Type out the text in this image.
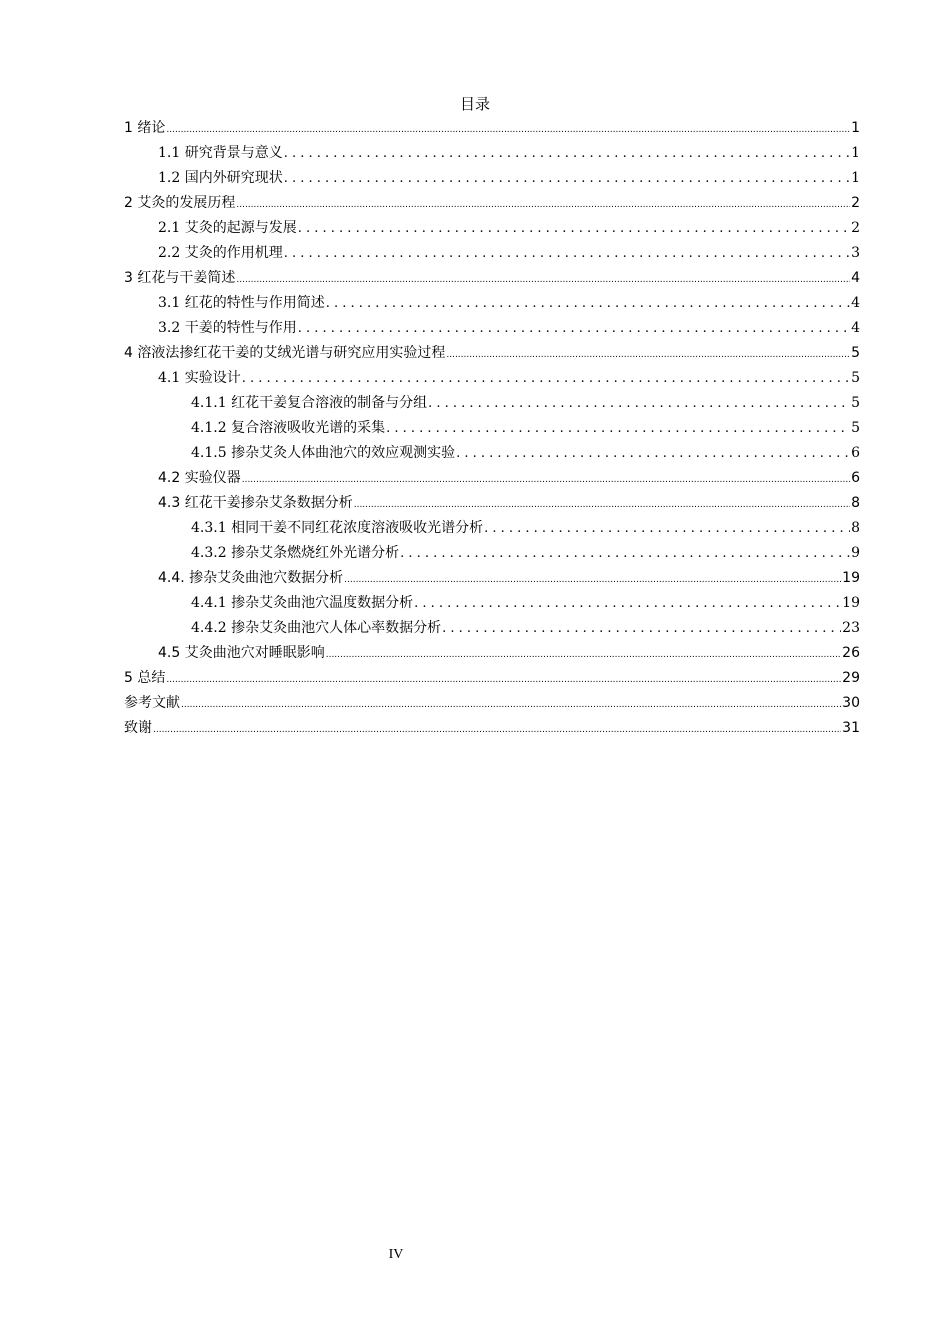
目录
1 绪论 .....	1
1.1 研究背景与意义 . . .	1
1.2 国内外研究现状 . . .	1
2 艾灸的发展历程 .....	2
2.1 艾灸的起源与发展 . . .	2
2.2 艾灸的作用机理 . . .	3
3 红花与干姜简述 .....	4
3.1 红花的特性与作用简述 . . .	4
3.2 干姜的特性与作用 . . .	4
4 溶液法掺红花干姜的艾绒光谱与研究应用实验过程 .....	5
4.1 实验设计 . . .	5
4.1.1 红花干姜复合溶液的制备与分组 . . .	5
4.1.2 复合溶液吸收光谱的采集 . . .	5
4.1.5 掺杂艾灸人体曲池穴的效应观测实验 . . .	6
4.2 实验仪器 .....	6
4.3 红花干姜掺杂艾条数据分析 .....	8
4.3.1 相同干姜不同红花浓度溶液吸收光谱分析 . . .	8
4.3.2 掺杂艾条燃烧红外光谱分析 . . .	9
4.4. 掺杂艾灸曲池穴数据分析 .....	19
4.4.1 掺杂艾灸曲池穴温度数据分析 . . .	19
4.4.2 掺杂艾灸曲池穴人体心率数据分析 . . .	23
4.5 艾灸曲池穴对睡眠影响 .....	26
5 总结 .....	29
参考文献 .....	30
致谢 .....	31
IV
